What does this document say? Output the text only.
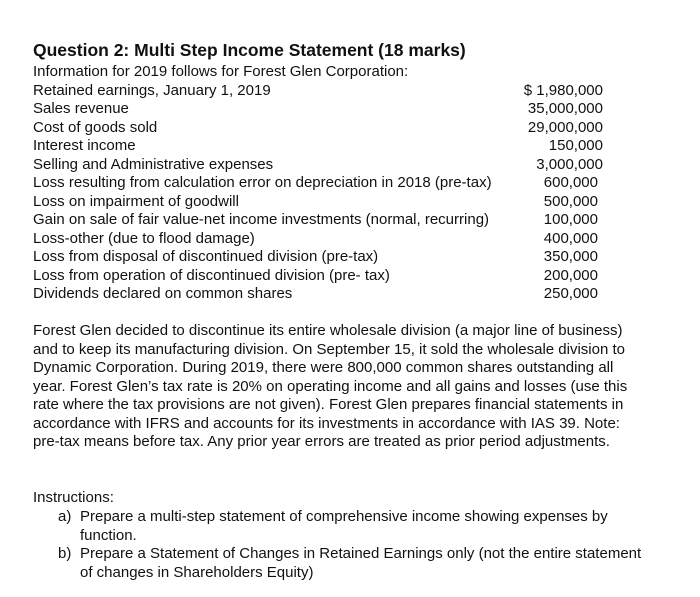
Question 2: Multi Step Income Statement (18 marks)
Information for 2019 follows for Forest Glen Corporation:
Retained earnings, January 1, 2019	$ 1,980,000
Sales revenue	35,000,000
Cost of goods sold	29,000,000
Interest income	150,000
Selling and Administrative expenses	3,000,000
Loss resulting from calculation error on depreciation in 2018 (pre-tax)	600,000
Loss on impairment of goodwill	500,000
Gain on sale of fair value-net income investments (normal, recurring)	100,000
Loss-other (due to flood damage)	400,000
Loss from disposal of discontinued division (pre-tax)	350,000
Loss from operation of discontinued division (pre- tax)	200,000
Dividends declared on common shares	250,000
Forest Glen decided to discontinue its entire wholesale division (a major line of business) and to keep its manufacturing division. On September 15, it sold the wholesale division to Dynamic Corporation. During 2019, there were 800,000 common shares outstanding all year. Forest Glen’s tax rate is 20% on operating income and all gains and losses (use this rate where the tax provisions are not given). Forest Glen prepares financial statements in accordance with IFRS and accounts for its investments in accordance with IAS 39. Note: pre-tax means before tax. Any prior year errors are treated as prior period adjustments.
Instructions:
a) Prepare a multi-step statement of comprehensive income showing expenses by function.
b) Prepare a Statement of Changes in Retained Earnings only (not the entire statement of changes in Shareholders Equity)
